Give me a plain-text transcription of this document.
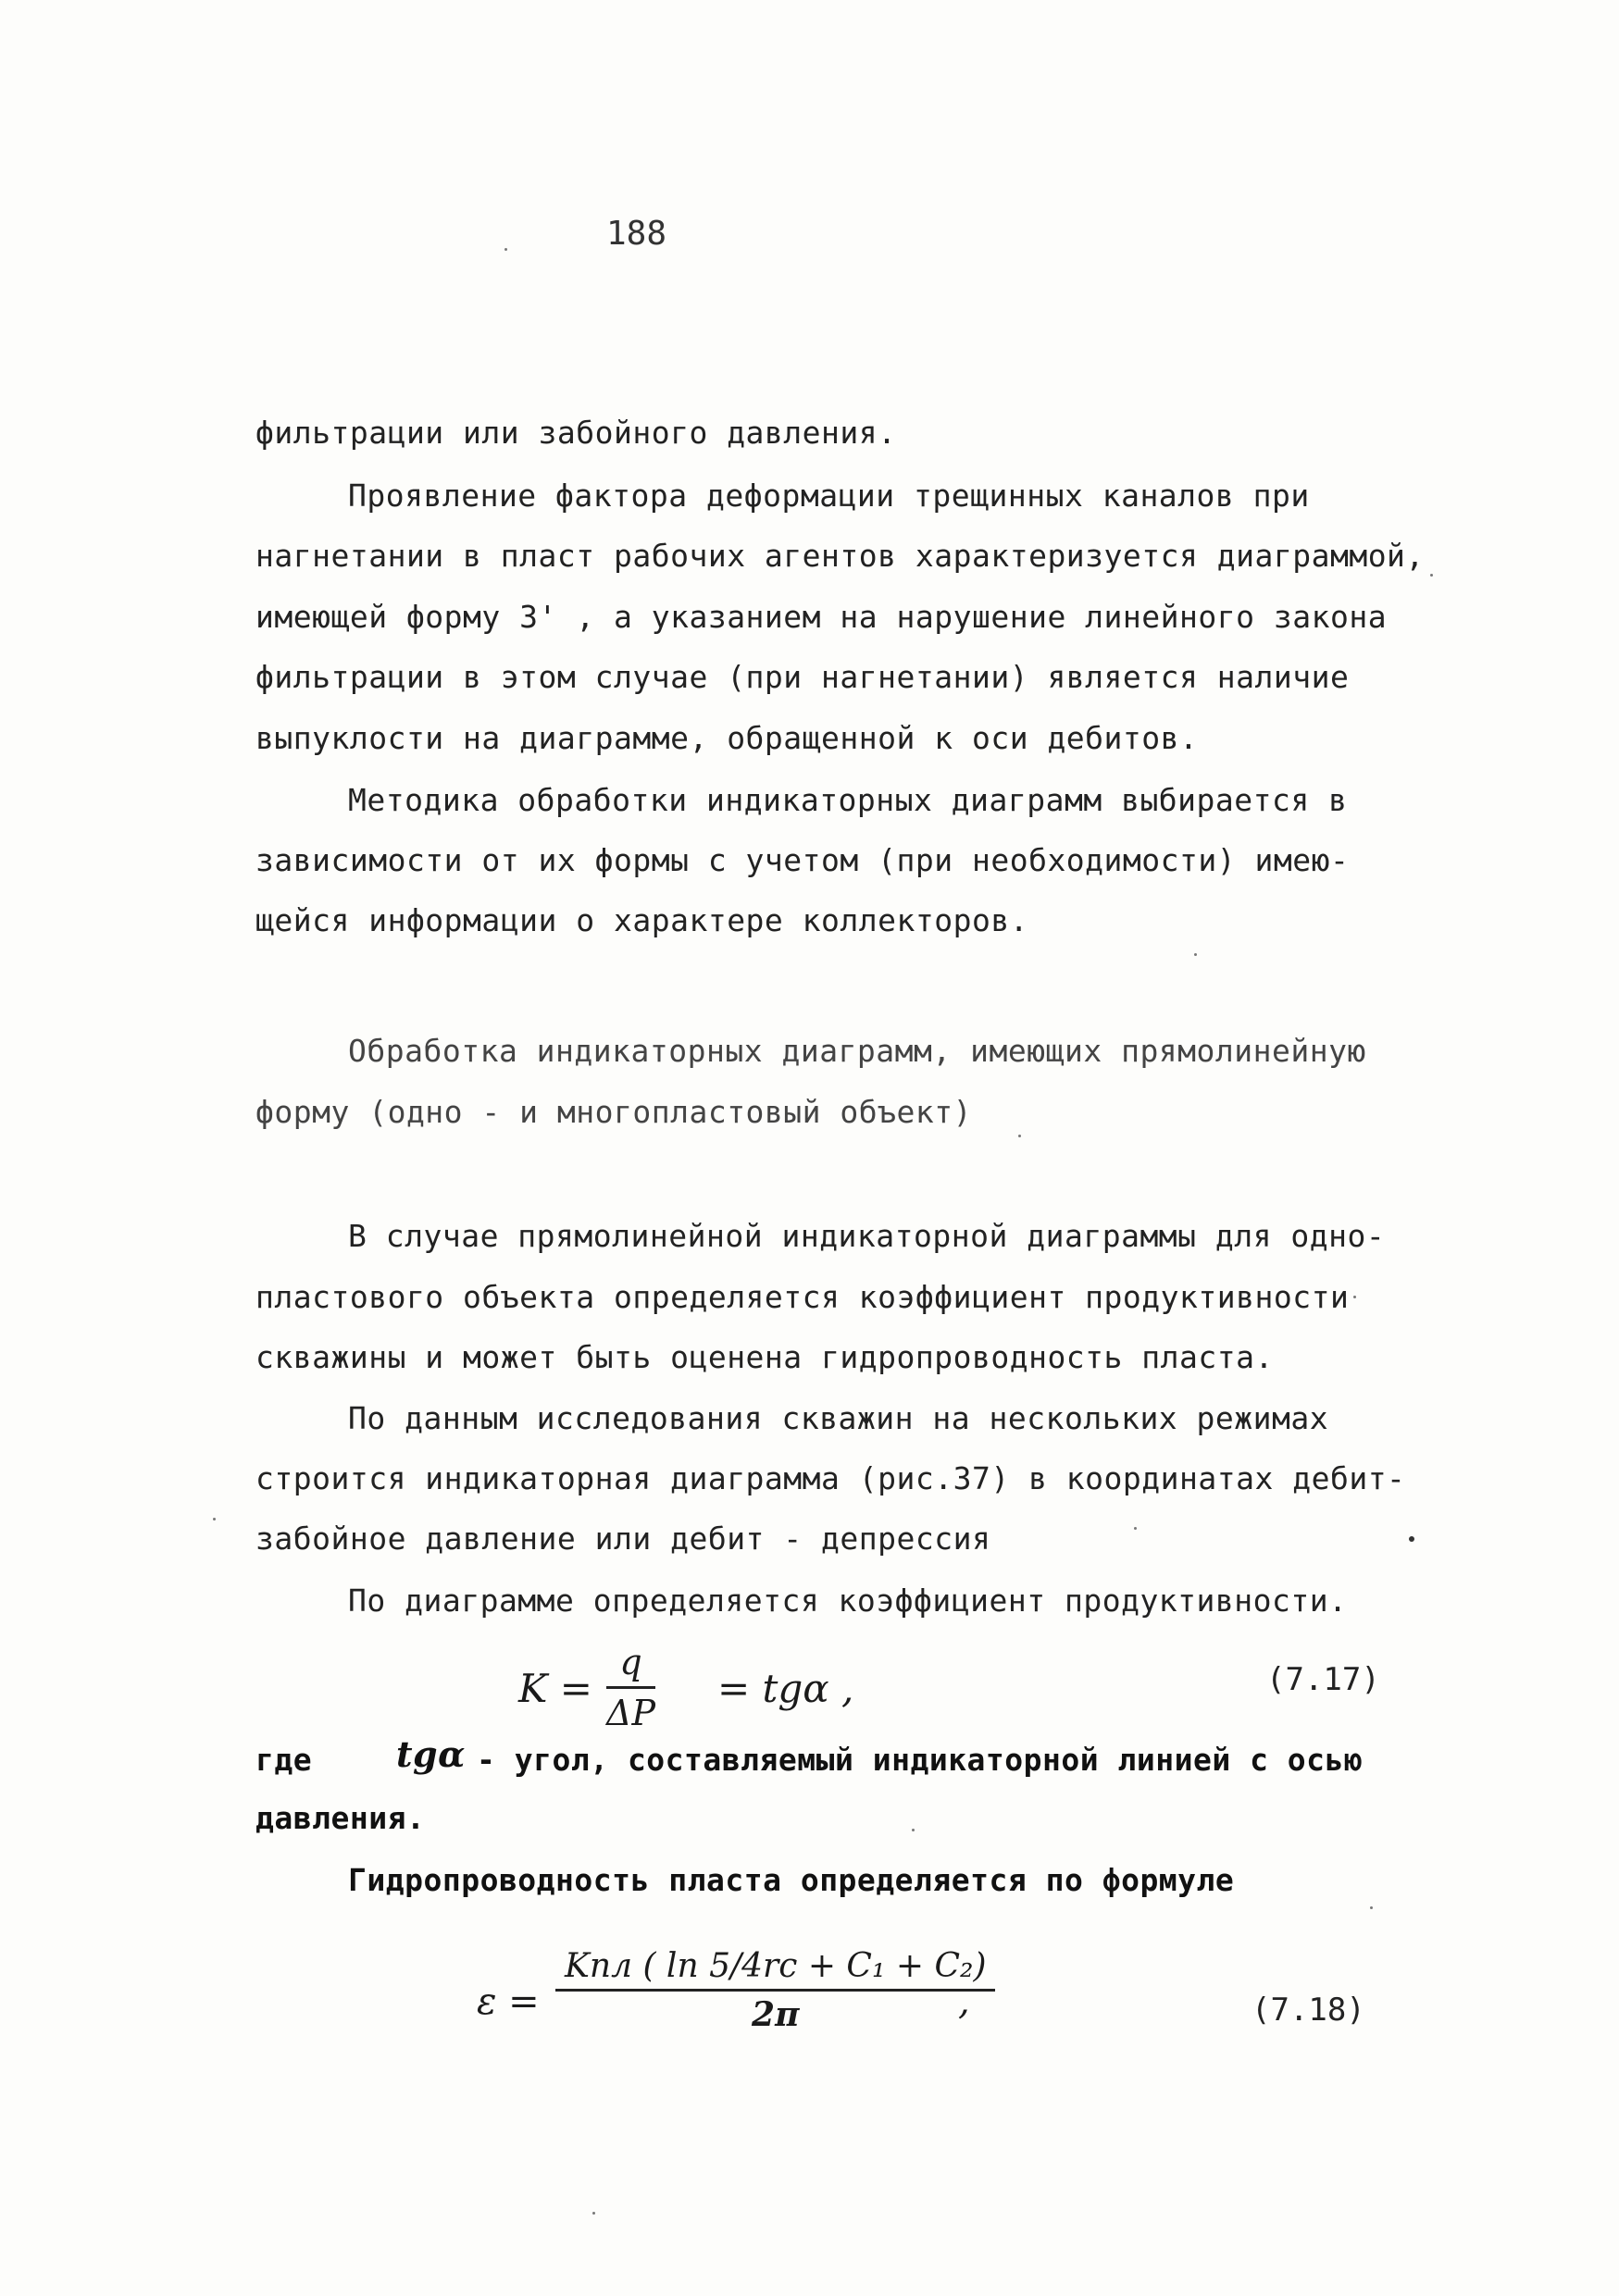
188
фильтрации или забойного давления.
Проявление фактора деформации трещинных каналов при
нагнетании в пласт рабочих агентов характеризуется диаграммой,
имеющей форму 3' , а указанием на нарушение линейного закона
фильтрации в этом случае (при нагнетании) является наличие
выпуклости на диаграмме, обращенной к оси дебитов.
Методика обработки индикаторных диаграмм выбирается в
зависимости от их формы с учетом (при необходимости) имею-
щейся информации о характере коллекторов.
Обработка индикаторных диаграмм, имеющих прямолинейную
форму (одно - и многопластовый объект)
В случае прямолинейной индикаторной диаграммы для одно-
пластового объекта определяется коэффициент продуктивности
скважины и может быть оценена гидропроводность пласта.
По данным исследования скважин на нескольких режимах
строится индикаторная диаграмма (рис.37) в координатах дебит-
забойное давление или дебит - депрессия
По диаграмме определяется коэффициент продуктивности.
$K = \frac{q}{\Delta P} = tg\alpha$ ,	(7.17)
где tgα - угол, составляемый индикаторной линией с осью
давления.
Гидропроводность пласта определяется по формуле
ε =
Kпл ( ln 5/4rс + C₁ + C₂)
2π	,	(7.18)
